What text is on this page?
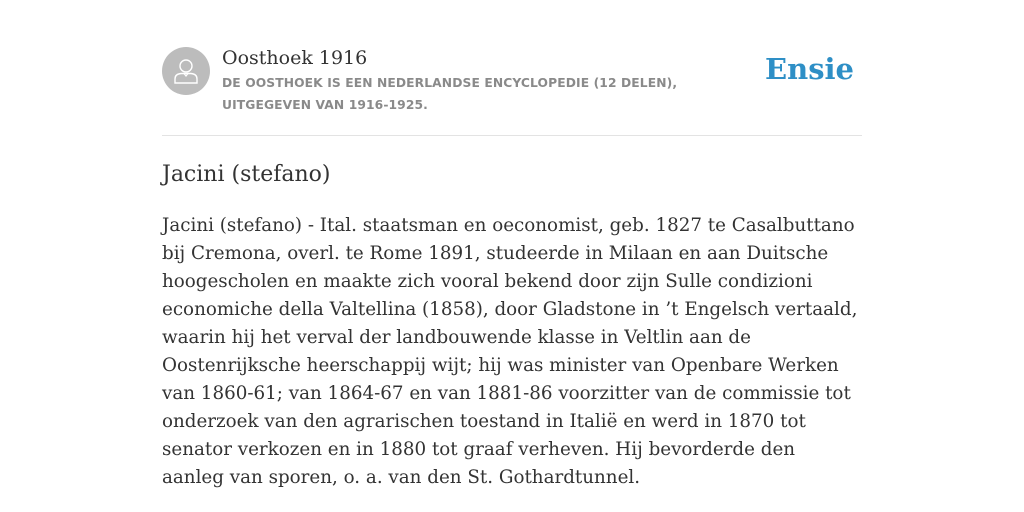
Oosthoek 1916
DE OOSTHOEK IS EEN NEDERLANDSE ENCYCLOPEDIE (12 DELEN), UITGEGEVEN VAN 1916-1925.
Ensie
Jacini (stefano)

Jacini (stefano) - Ital. staatsman en oeconomist, geb. 1827 te Casalbuttano bij Cremona, overl. te Rome 1891, studeerde in Milaan en aan Duitsche hoogescholen en maakte zich vooral bekend door zijn Sulle condizioni economiche della Valtellina (1858), door Gladstone in ’t Engelsch vertaald, waarin hij het verval der landbouwende klasse in Veltlin aan de Oostenrijksche heerschappij wijt; hij was minister van Openbare Werken van 1860-61; van 1864-67 en van 1881-86 voorzitter van de commissie tot onderzoek van den agrarischen toestand in Italië en werd in 1870 tot senator verkozen en in 1880 tot graaf verheven. Hij bevorderde den aanleg van sporen, o. a. van den St. Gothardtunnel.
